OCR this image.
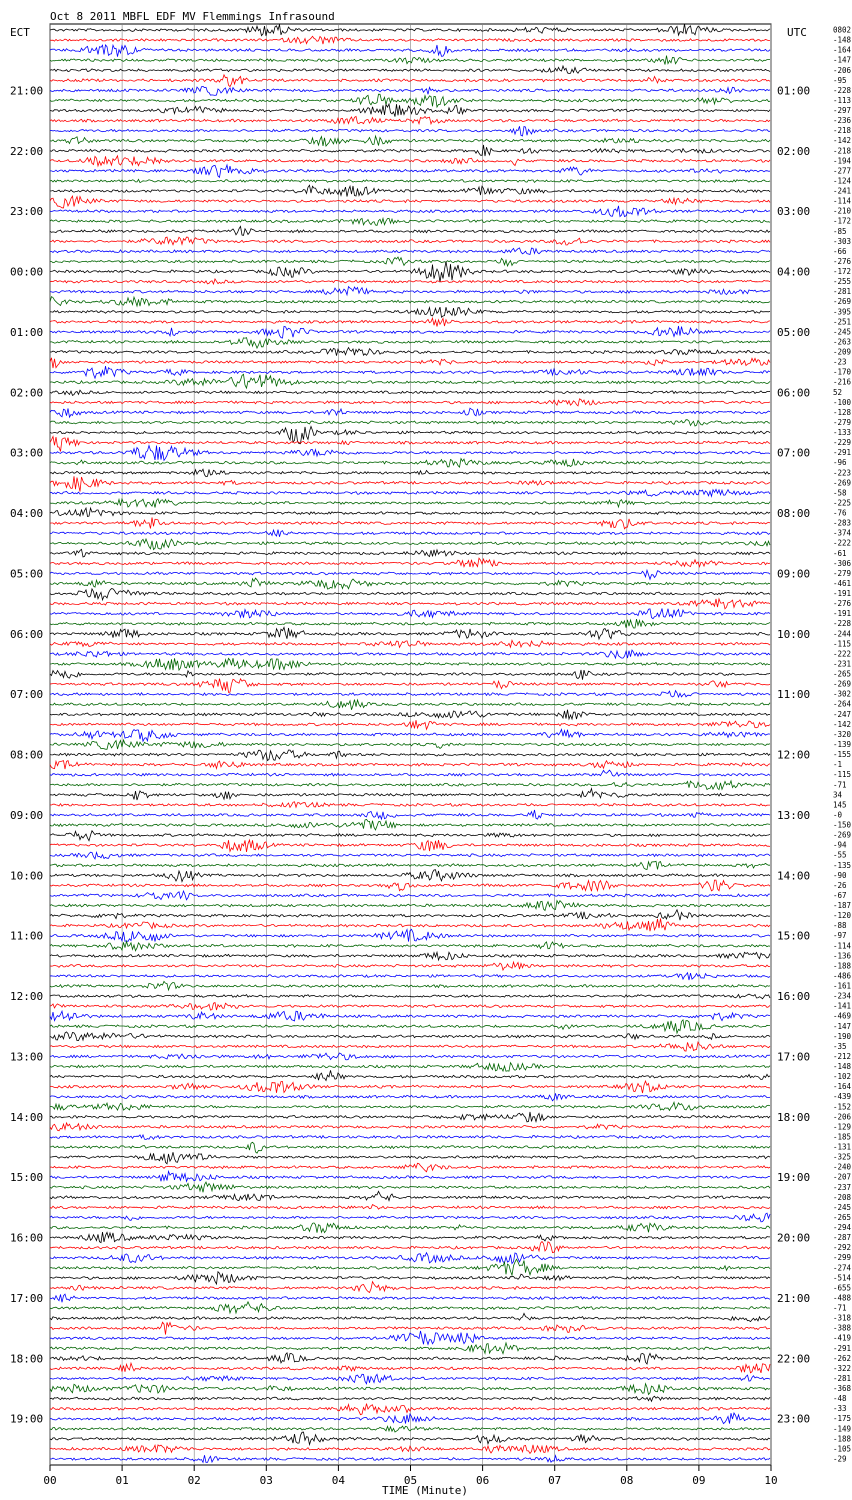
Oct 8 2011 MBFL EDF MV Flemmings Infrasound
ECT	UTC
TIME (Minute)
00	01	02	03	04	05	06	07	08	09	10
0802
-148
-164
-147
-206
-95
-228
-113
-297
-236
-218
-142
-218
-194
-277
-124
-241
-114
-210
-172
-85
-303
-66
-276
-172
-255
-281
-269
-395
-251
-245
-263
-209
-23
-170
-216
52
-100
-128
-279
-133
-229
-291
-96
-223
-269
-58
-225
-76
-283
-374
-222
-61
-306
-279
-461
-191
-276
-191
-228
-244
-115
-222
-231
-265
-269
-302
-264
-247
-142
-320
-139
-155
-1
-115
-71
34
145
-0
-150
-269
-94
-55
-135
-90
-26
-67
-187
-120
-88
-97
-114
-136
-188
-486
-161
-234
-141
-469
-147
-190
-35
-212
-148
-102
-164
-439
-152
-206
-129
-185
-131
-325
-240
-207
-237
-208
-245
-265
-294
-287
-292
-299
-274
-514
-655
-488
-71
-318
-388
-419
-291
-262
-322
-281
-368
-48
-33
-175
-149
-188
-105
-29
21:00
22:00
23:00
00:00
01:00
02:00
03:00
04:00
05:00
06:00
07:00
08:00
09:00
10:00
11:00
12:00
13:00
14:00
15:00
16:00
17:00
18:00
19:00
01:00
02:00
03:00
04:00
05:00
06:00
07:00
08:00
09:00
10:00
11:00
12:00
13:00
14:00
15:00
16:00
17:00
18:00
19:00
20:00
21:00
22:00
23:00
